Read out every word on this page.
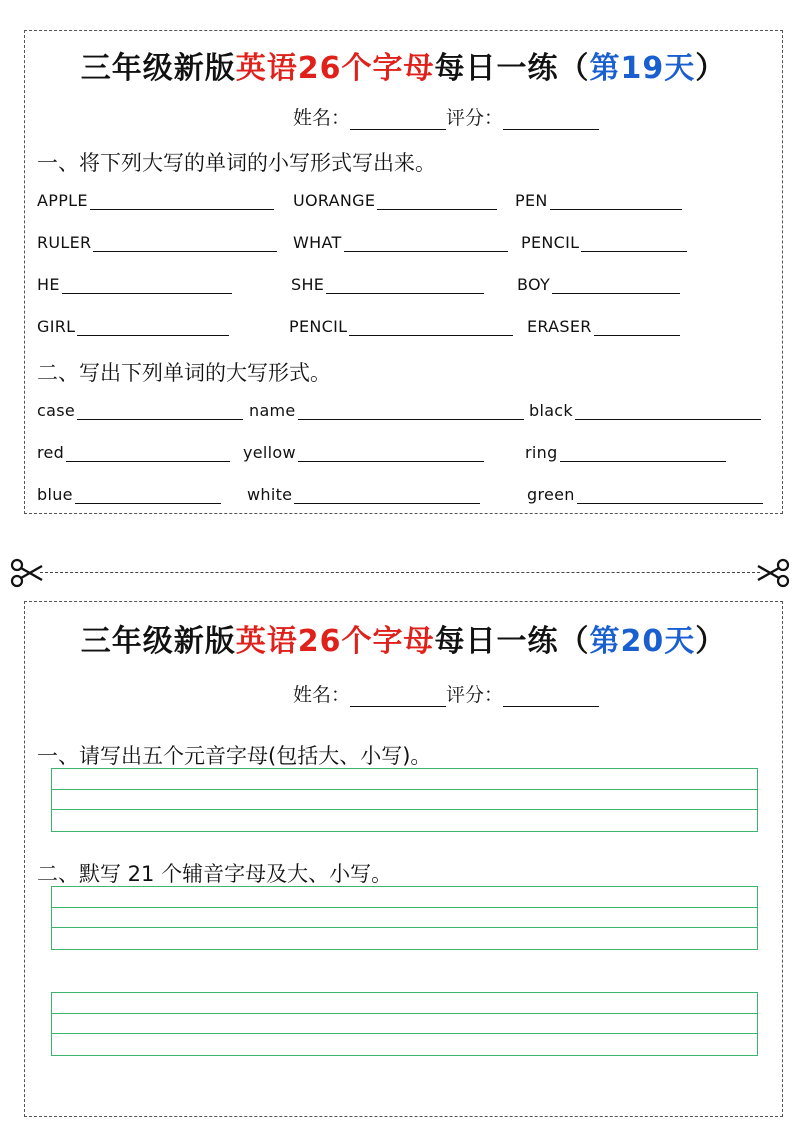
三年级新版英语26个字母每日一练（第19天）
姓名：	评分：
一、将下列大写的单词的小写形式写出来。
APPLE	UORANGE	PEN
RULER	WHAT	PENCIL
HE	SHE	BOY
GIRL	PENCIL	ERASER
二、写出下列单词的大写形式。
case	name	black
red	yellow	ring
blue	white	green
三年级新版英语26个字母每日一练（第20天）
姓名：	评分：
一、请写出五个元音字母(包括大、小写)。
二、默写 21 个辅音字母及大、小写。
